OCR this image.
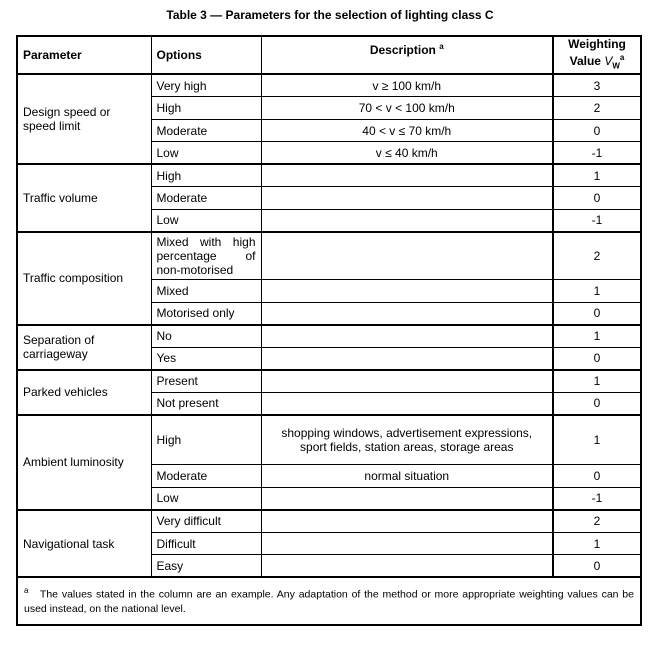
Table 3 — Parameters for the selection of lighting class C
Parameter	Options	Description $^a$	Weighting
Value $V_W^a$

Design speed or speed limit	Very high	v ≥ 100 km/h	3
	High	70 < v < 100 km/h	2
	Moderate	40 < v ≤ 70 km/h	0
	Low	v ≤ 40 km/h	-1
Traffic volume	High		1
	Moderate		0
	Low		-1
Traffic composition	Mixed with high percentage of non-motorised		2
	Mixed		1
	Motorised only		0
Separation of carriageway	No		1
	Yes		0
Parked vehicles	Present		1
	Not present		0
Ambient luminosity	High	shopping windows, advertisement expressions, sport fields, station areas, storage areas	1
	Moderate	normal situation	0
	Low		-1
Navigational task	Very difficult		2
	Difficult		1
	Easy		0
$^a$ The values stated in the column are an example. Any adaptation of the method or more appropriate weighting values can be used instead, on the national level.			
